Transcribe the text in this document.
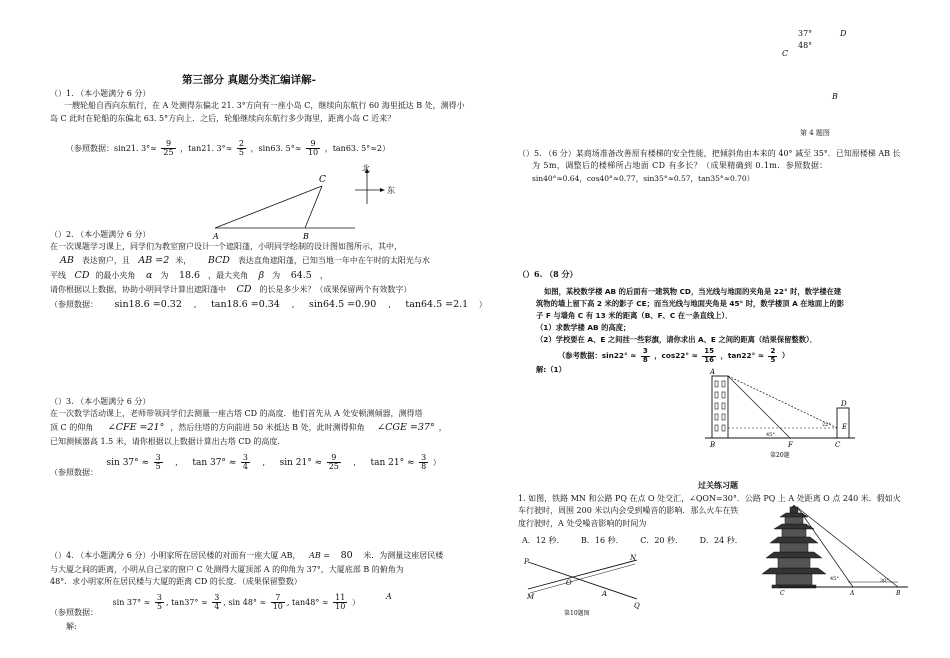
第三部分 真题分类汇编详解-
（）1. （本小题满分 6 分）
一艘轮船自西向东航行，在 A 处测得东偏北 21. 3°方向有一座小岛 C，继续向东航行 60 海里抵达 B 处，测得小岛 C 此时在轮船的东偏北 63. 5°方向上．之后，轮船继续向东航行多少海里，距离小岛 C 近来？
（参照数据：sin21. $3^\circ\approx \frac{9}{25}$ ，tan21. $3^\circ\approx \frac{2}{5}$ ，sin63. $5^\circ\approx \frac{9}{10}$ ，tan63. 5°≈2）
C
A	B
北
东
（）2. （本小题满分 6 分）
在一次课题学习课上，同学们为教室窗户设计一个遮阳蓬，小明同学绘制的设计图如图所示，其中，
AB 表达窗户，且 AB =2 米， BCD 表达直角遮阳蓬，已知当地一年中在午时的太阳光与水
平线 CD 的最小夹角 α 为 18.6 ，最大夹角 β 为 64.5 ，
请你根据以上数据，协助小明同学计算出遮阳蓬中 CD 的长是多少米？（成果保留两个有效数字）
（参照数据： sin18.6 =0.32 , tan18.6 =0.34 , sin64.5 =0.90 , tan64.5 =2.1 ）
（）3. （本小题满分 6 分）
在一次数学活动课上，老师带领同学们去测量一座古塔 CD 的高度．他们首先从 A 处安顿测倾器，测得塔
顶 C 的仰角 ∠CFE =21° ，然后往塔的方向前进 50 米抵达 B 处，此时测得仰角 ∠CGE =37° ，
已知测倾器高 1.5 米，请你根据以上数据计算出古塔 CD 的高度.
（参照数据： $\sin 37^\circ \approx \frac{3}{5}$ , $\tan 37^\circ \approx \frac{3}{4}$ , $\sin 21^\circ \approx \frac{9}{25}$ , $\tan 21^\circ \approx \frac{3}{8}$ ）
（）4. （本小题满分 6 分）小明家所在居民楼的对面有一座大厦 AB， AB = 80 米．为测量这座居民楼
与大厦之间的距离，小明从自己家的窗户 C 处测得大厦顶部 A 的仰角为 37°，大厦底部 B 的俯角为
48°．求小明家所在居民楼与大厦的距离 CD 的长度．（成果保留整数）
A
（参照数据： $\sin 37^\circ \approx \frac{3}{5}$ , $\tan 37^\circ \approx \frac{3}{4}$ , $\sin 48^\circ \approx \frac{7}{10}$ , $\tan 48^\circ \approx \frac{11}{10}$ ）
解:
37°
48°
D
C
B
第 4 题图
（）5. （6 分）某商场准备改善原有楼梯的安全性能，把倾斜角由本来的 40° 减至 35°．已知原楼梯 AB 长
为 5m，调整后的楼梯所占地面 CD 有多长？（成果精确到 0.1m．参照数据：
sin40°≈0.64，cos40°≈0.77，sin35°≈0.57，tan35°≈0.70）
（）6. （8 分）
如图，某校数学楼 AB 的后面有一建筑物 CD，当光线与地面的夹角是 22° 时，数学楼在建
筑物的墙上留下高 2 米的影子 CE；而当光线与地面夹角是 45° 时，数学楼顶 A 在地面上的影
子 F 与墙角 C 有 13 米的距离（B、F、C 在一条直线上）．
（1）求数学楼 AB 的高度；
（2）学校要在 A、E 之间挂一些彩旗，请你求出 A、E 之间的距离（结果保留整数）．
（参考数据：$\sin 22^\circ \approx \frac{3}{8}$ ，$\cos 22^\circ \approx \frac{15}{16}$ ，$\tan 22^\circ \approx \frac{2}{5}$ ）
解:（1）	A
B	F	C
D
E
22°
45°
第20题
过关练习题
1. 如图，铁路 MN 和公路 PQ 在点 O 处交汇，∠QON=30°．公路 PQ 上 A 处距离 O 点 240 米．假如火
车行驶时，周围 200 米以内会受到噪音的影响．那么火车在铁
度行驶时，A 处受噪音影响的时间为
A．12 秒． B．16 秒． C．20 秒． D．24 秒．
M
N
P
Q
O
A
第10题图
45°	30°
C	A	B
